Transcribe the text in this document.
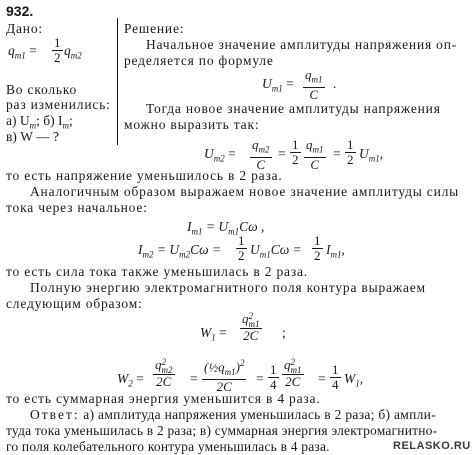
932.
Дано:
$q_{m1}$ =
1
2 $q_{m2}$
Во сколько
раз изменились:
а) $U_m$; б) $I_m$;
в) W — ?
Решение:
Начальное значение амплитуды напряжения оп-
ределяется по формуле
$U_{m1}$ =
$q_{m1}$
C
.
Тогда новое значение амплитуды напряжения
можно выразить так:
$U_{m2}$ =
$q_{m2}$
C
=
1
2
$q_{m1}$
C
=
1
2 $U_{m1}$,
то есть напряжение уменьшилось в 2 раза.
Аналогичным образом выражаем новое значение амплитуды силы
тока через начальное:
$I_{m1} = U_{m1}C\omega$ ,
$I_{m2} = U_{m2}C\omega$ =
1
2 $U_{m1}C\omega$ =
1
2 $I_{m1}$,
то есть сила тока также уменьшилась в 2 раза.
Полную энергию электромагнитного поля контура выражаем
следующим образом:
$W_1$ =
q 2
m1
2C ;
$W_2$ =
q 2
m2
2C =
$(\frac{1}{2}q_{m1})^2$
2C
=
1
4
q 2
m1
2C =
1
4 $W_1$,
то есть суммарная энергия уменьшится в 4 раза.
Ответ: а) амплитуда напряжения уменьшилась в 2 раза; б) ампли-
туда тока уменьшилась в 2 раза; в) суммарная энергия электромагнитно-
го поля колебательного контура уменьшилась в 4 раза.	RELASKO.RU
